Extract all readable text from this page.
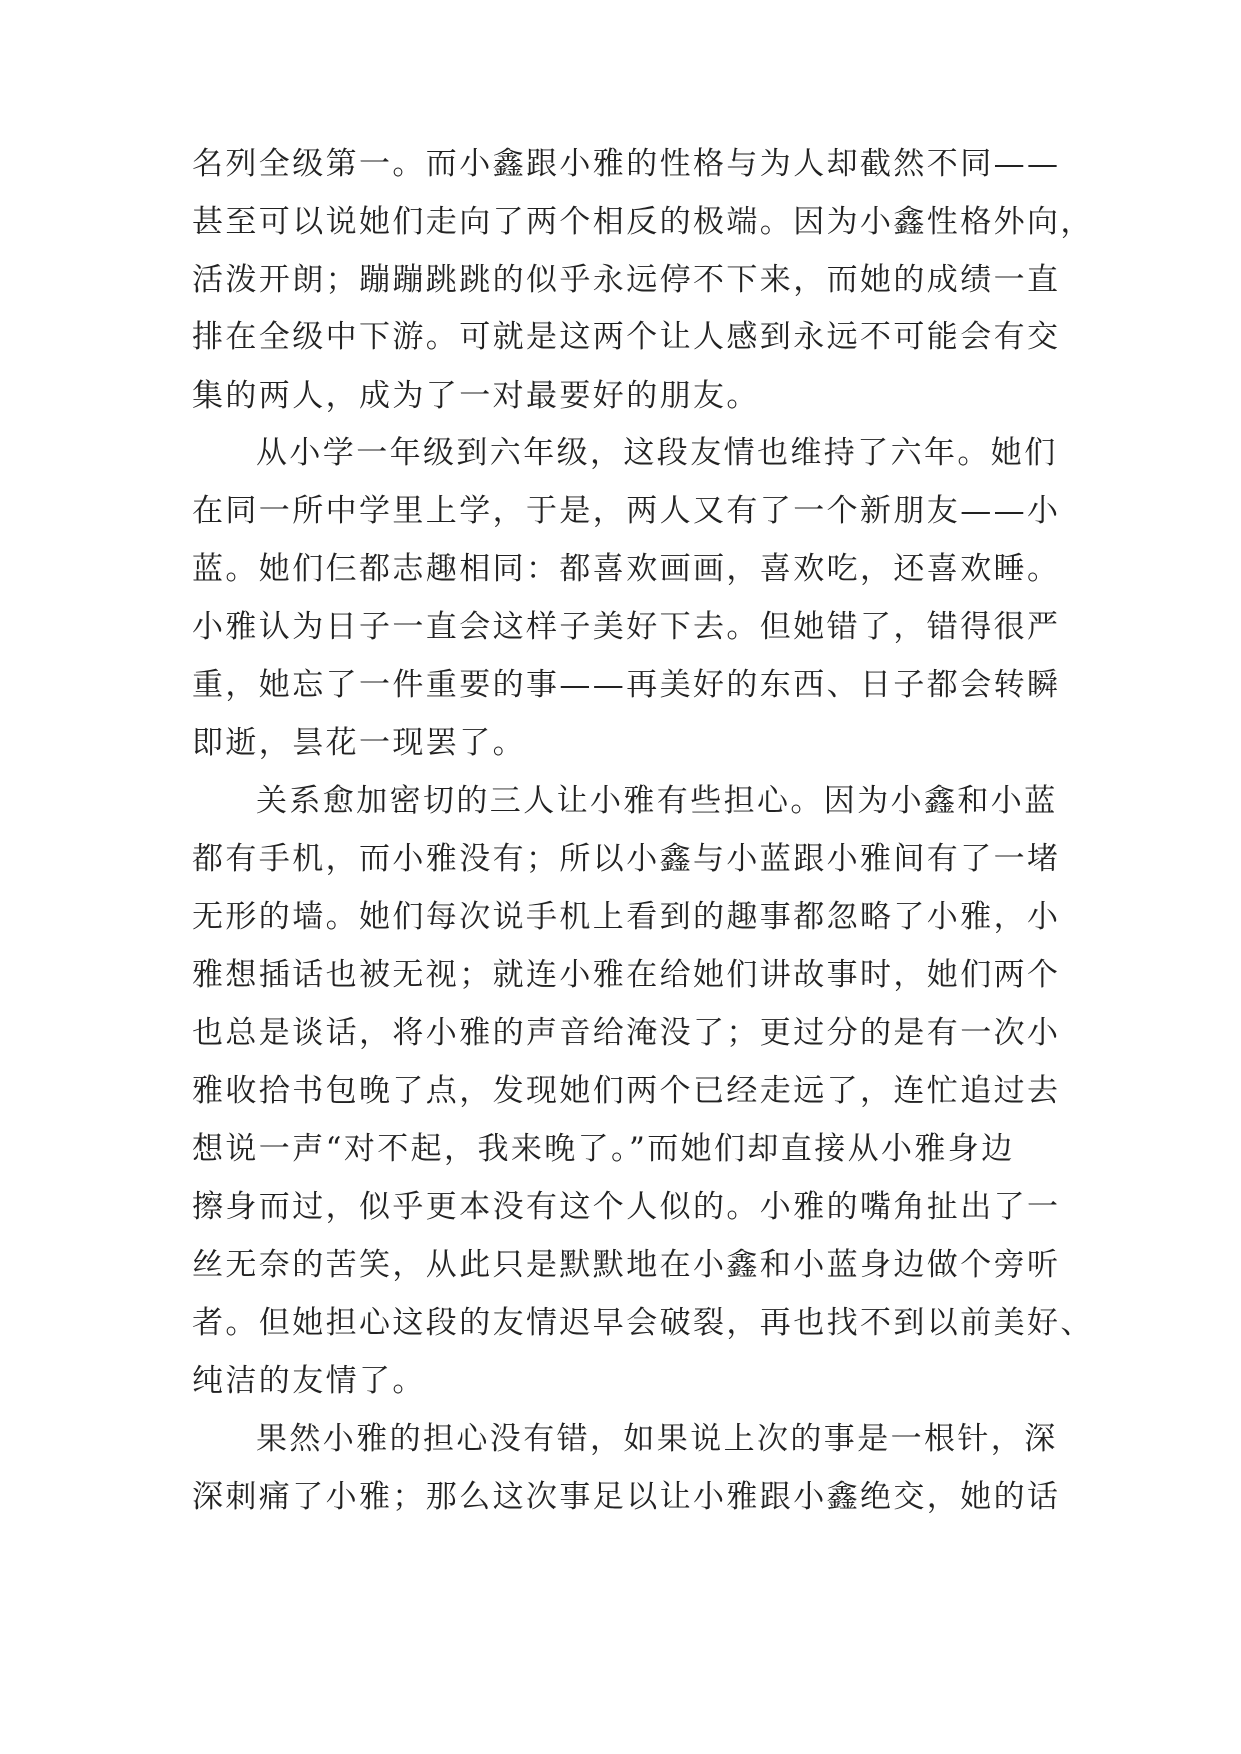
名列全级第一。而小鑫跟小雅的性格与为人却截然不同——
甚至可以说她们走向了两个相反的极端。因为小鑫性格外向，
活泼开朗；蹦蹦跳跳的似乎永远停不下来，而她的成绩一直
排在全级中下游。可就是这两个让人感到永远不可能会有交
集的两人，成为了一对最要好的朋友。
从小学一年级到六年级，这段友情也维持了六年。她们
在同一所中学里上学，于是，两人又有了一个新朋友——小
蓝。她们仨都志趣相同：都喜欢画画，喜欢吃，还喜欢睡。
小雅认为日子一直会这样子美好下去。但她错了，错得很严
重，她忘了一件重要的事——再美好的东西、日子都会转瞬
即逝，昙花一现罢了。
关系愈加密切的三人让小雅有些担心。因为小鑫和小蓝
都有手机，而小雅没有；所以小鑫与小蓝跟小雅间有了一堵
无形的墙。她们每次说手机上看到的趣事都忽略了小雅，小
雅想插话也被无视；就连小雅在给她们讲故事时，她们两个
也总是谈话，将小雅的声音给淹没了；更过分的是有一次小
雅收拾书包晚了点，发现她们两个已经走远了，连忙追过去
想说一声“对不起，我来晚了。”而她们却直接从小雅身边
擦身而过，似乎更本没有这个人似的。小雅的嘴角扯出了一
丝无奈的苦笑，从此只是默默地在小鑫和小蓝身边做个旁听
者。但她担心这段的友情迟早会破裂，再也找不到以前美好、
纯洁的友情了。
果然小雅的担心没有错，如果说上次的事是一根针，深
深刺痛了小雅；那么这次事足以让小雅跟小鑫绝交，她的话
